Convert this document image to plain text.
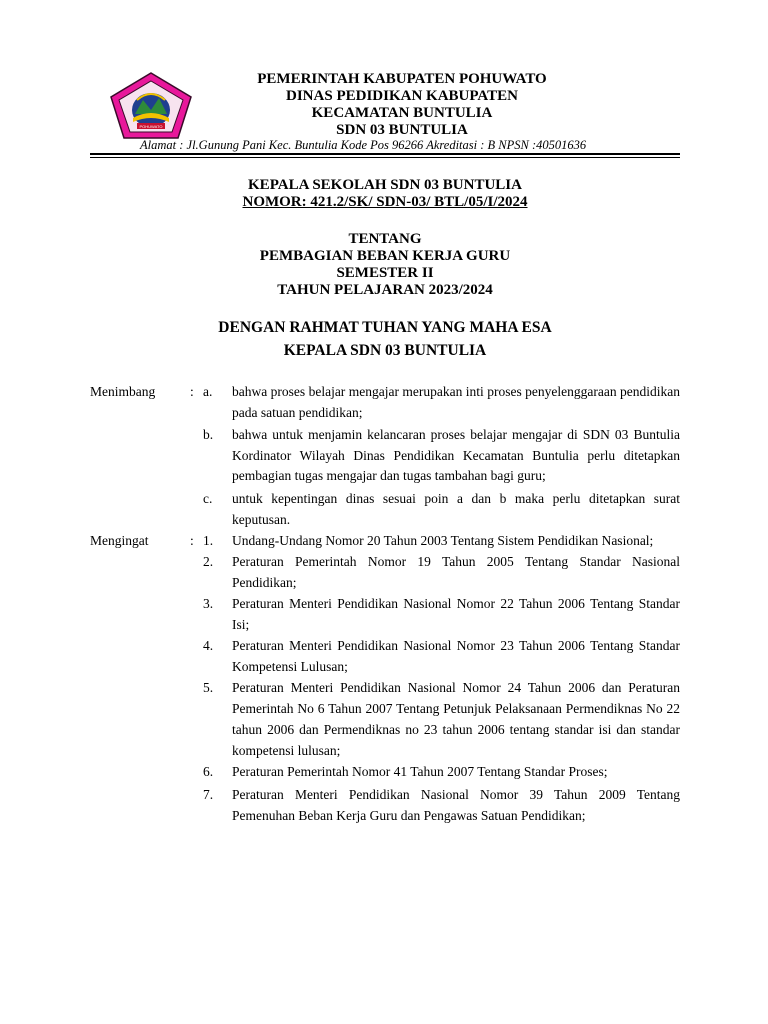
POHUWATO
PEMERINTAH KABUPATEN POHUWATO
DINAS PEDIDIKAN KABUPATEN
KECAMATAN BUNTULIA
SDN 03 BUNTULIA
Alamat : Jl.Gunung Pani Kec. Buntulia Kode Pos 96266 Akreditasi : B NPSN :40501636
KEPALA SEKOLAH SDN 03 BUNTULIA
NOMOR: 421.2/SK/ SDN-03/ BTL/05/I/2024
TENTANG
PEMBAGIAN BEBAN KERJA GURU
SEMESTER II
TAHUN PELAJARAN 2023/2024
DENGAN RAHMAT TUHAN YANG MAHA ESA
KEPALA SDN 03 BUNTULIA
Menimbang	: a.	bahwa proses belajar mengajar merupakan inti proses penyelenggaraan pendidikan pada satuan pendidikan;
b.	bahwa untuk menjamin kelancaran proses belajar mengajar di SDN 03 Buntulia Kordinator Wilayah Dinas Pendidikan Kecamatan Buntulia perlu ditetapkan pembagian tugas mengajar dan tugas tambahan bagi guru;
c.	untuk kepentingan dinas sesuai poin a dan b maka perlu ditetapkan surat keputusan.
Mengingat	: 1.	Undang-Undang Nomor 20 Tahun 2003 Tentang Sistem Pendidikan Nasional;
2.	Peraturan Pemerintah Nomor 19 Tahun 2005 Tentang Standar Nasional Pendidikan;
3.	Peraturan Menteri Pendidikan Nasional Nomor 22 Tahun 2006 Tentang Standar Isi;
4.	Peraturan Menteri Pendidikan Nasional Nomor 23 Tahun 2006 Tentang Standar Kompetensi Lulusan;
5.	Peraturan Menteri Pendidikan Nasional Nomor 24 Tahun 2006 dan Peraturan Pemerintah No 6 Tahun 2007 Tentang Petunjuk Pelaksanaan Permendiknas No 22 tahun 2006 dan Permendiknas no 23 tahun 2006 tentang standar isi dan standar kompetensi lulusan;
6.	Peraturan Pemerintah Nomor 41 Tahun 2007 Tentang Standar Proses;
7.	Peraturan Menteri Pendidikan Nasional Nomor 39 Tahun 2009 Tentang Pemenuhan Beban Kerja Guru dan Pengawas Satuan Pendidikan;
